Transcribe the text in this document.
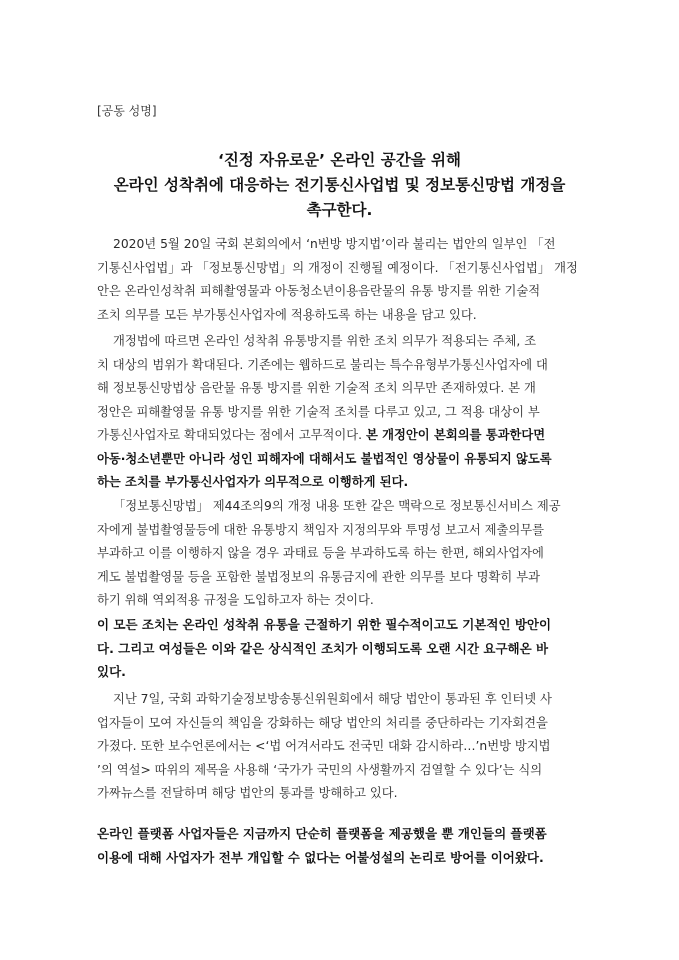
[공동 성명]
‘진정 자유로운’ 온라인 공간을 위해
온라인 성착취에 대응하는 전기통신사업법 및 정보통신망법 개정을
촉구한다.
2020년 5월 20일 국회 본회의에서 ‘n번방 방지법’이라 불리는 법안의 일부인 「전
기통신사업법」과 「정보통신망법」의 개정이 진행될 예정이다. 「전기통신사업법」 개정
안은 온라인성착취 피해촬영물과 아동청소년이용음란물의 유통 방지를 위한 기술적
조치 의무를 모든 부가통신사업자에 적용하도록 하는 내용을 담고 있다.
개정법에 따르면 온라인 성착취 유통방지를 위한 조치 의무가 적용되는 주체, 조
치 대상의 범위가 확대된다. 기존에는 웹하드로 불리는 특수유형부가통신사업자에 대
해 정보통신망법상 음란물 유통 방지를 위한 기술적 조치 의무만 존재하였다. 본 개
정안은 피해촬영물 유통 방지를 위한 기술적 조치를 다루고 있고, 그 적용 대상이 부
가통신사업자로 확대되었다는 점에서 고무적이다. 본 개정안이 본회의를 통과한다면
아동·청소년뿐만 아니라 성인 피해자에 대해서도 불법적인 영상물이 유통되지 않도록
하는 조치를 부가통신사업자가 의무적으로 이행하게 된다.
「정보통신망법」 제44조의9의 개정 내용 또한 같은 맥락으로 정보통신서비스 제공
자에게 불법촬영물등에 대한 유통방지 책임자 지정의무와 투명성 보고서 제출의무를
부과하고 이를 이행하지 않을 경우 과태료 등을 부과하도록 하는 한편, 해외사업자에
게도 불법촬영물 등을 포함한 불법정보의 유통금지에 관한 의무를 보다 명확히 부과
하기 위해 역외적용 규정을 도입하고자 하는 것이다.
이 모든 조치는 온라인 성착취 유통을 근절하기 위한 필수적이고도 기본적인 방안이
다. 그리고 여성들은 이와 같은 상식적인 조치가 이행되도록 오랜 시간 요구해온 바
있다.
지난 7일, 국회 과학기술정보방송통신위원회에서 해당 법안이 통과된 후 인터넷 사
업자들이 모여 자신들의 책임을 강화하는 해당 법안의 처리를 중단하라는 기자회견을
가졌다. 또한 보수언론에서는 <‘법 어겨서라도 전국민 대화 감시하라…’n번방 방지법
’의 역설> 따위의 제목을 사용해 ‘국가가 국민의 사생활까지 검열할 수 있다’는 식의
가짜뉴스를 전달하며 해당 법안의 통과를 방해하고 있다.
온라인 플랫폼 사업자들은 지금까지 단순히 플랫폼을 제공했을 뿐 개인들의 플랫폼
이용에 대해 사업자가 전부 개입할 수 없다는 어불성설의 논리로 방어를 이어왔다.
